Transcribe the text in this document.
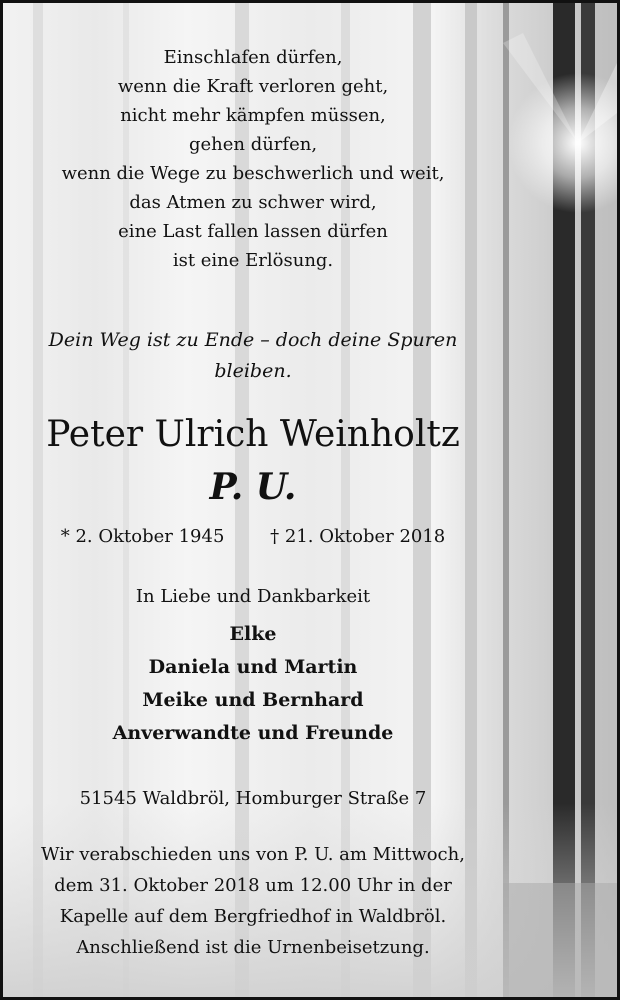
Einschlafen dürfen,
wenn die Kraft verloren geht,
nicht mehr kämpfen müssen,
gehen dürfen,
wenn die Wege zu beschwerlich und weit,
das Atmen zu schwer wird,
eine Last fallen lassen dürfen
ist eine Erlösung.
Dein Weg ist zu Ende – doch deine Spuren
bleiben.
Peter Ulrich Weinholtz
P. U.
* 2. Oktober 1945	† 21. Oktober 2018
In Liebe und Dankbarkeit
Elke
Daniela und Martin
Meike und Bernhard
Anverwandte und Freunde
51545 Waldbröl, Homburger Straße 7
Wir verabschieden uns von P. U. am Mittwoch,
dem 31. Oktober 2018 um 12.00 Uhr in der
Kapelle auf dem Bergfriedhof in Waldbröl.
Anschließend ist die Urnenbeisetzung.
